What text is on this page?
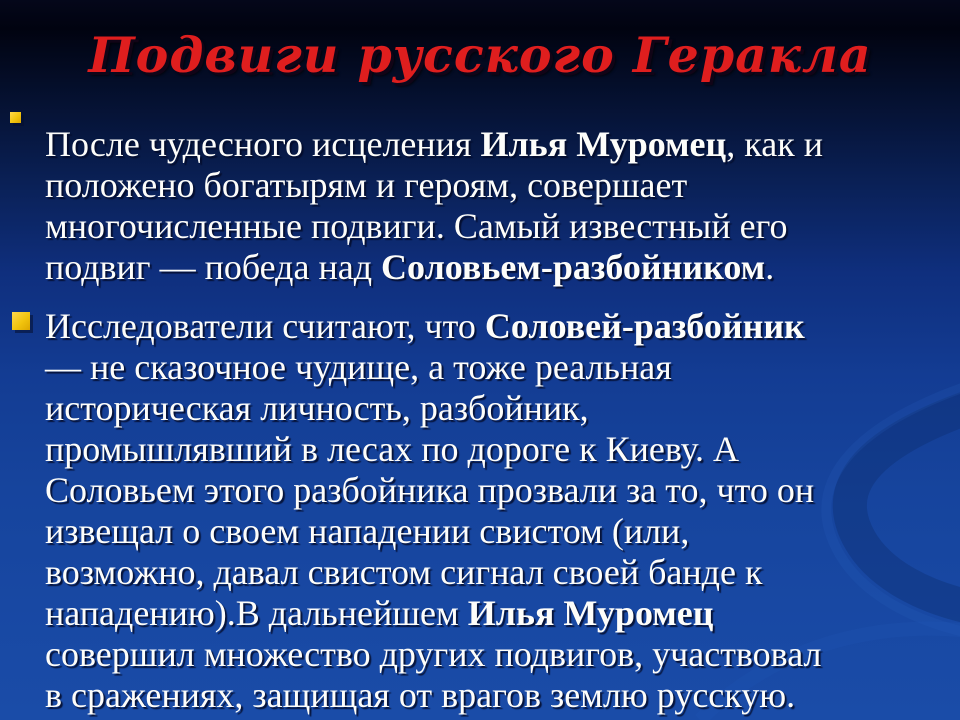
Подвиги русского Геракла
После чудесного исцеления Илья Муромец, как и
положено богатырям и героям, совершает
многочисленные подвиги. Самый известный его
подвиг — победа над Соловьем-разбойником.
Исследователи считают, что Соловей-разбойник
— не сказочное чудище, а тоже реальная
историческая личность, разбойник,
промышлявший в лесах по дороге к Киеву. А
Соловьем этого разбойника прозвали за то, что он
извещал о своем нападении свистом (или,
возможно, давал свистом сигнал своей банде к
нападению).В дальнейшем Илья Муромец
совершил множество других подвигов, участвовал
в сражениях, защищая от врагов землю русскую.
